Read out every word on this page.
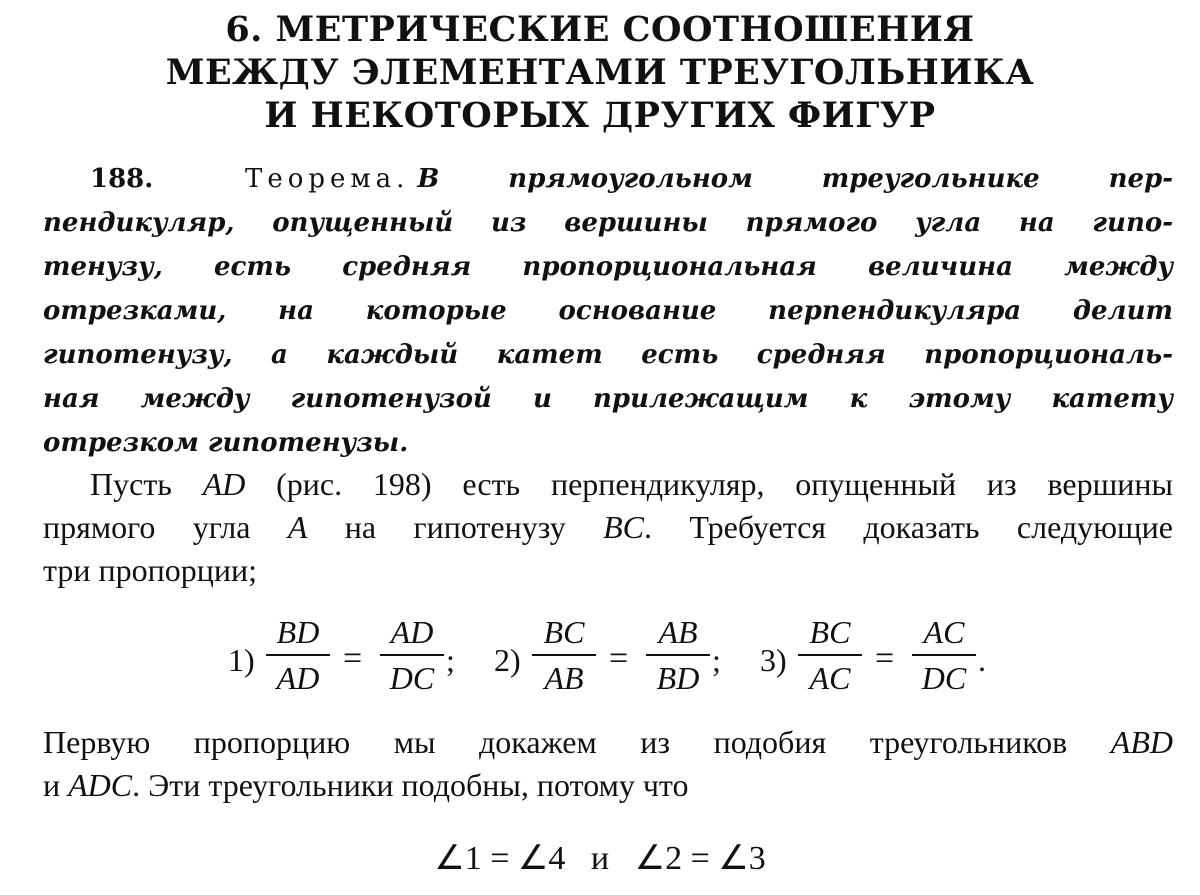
6. МЕТРИЧЕСКИЕ СООТНОШЕНИЯ
МЕЖДУ ЭЛЕМЕНТАМИ ТРЕУГОЛЬНИКА
И НЕКОТОРЫХ ДРУГИХ ФИГУР
188.	Теорема. В прямоугольном треугольнике пер-
пендикуляр, опущенный из вершины прямого угла на гипо-
тенузу, есть средняя пропорциональная величина между
отрезками, на которые основание перпендикуляра делит
гипотенузу, а каждый катет есть средняя пропорциональ-
ная между гипотенузой и прилежащим к этому катету
отрезком гипотенузы.
Пусть AD (рис. 198) есть перпендикуляр, опущенный из вершины
прямого угла A на гипотенузу BC. Требуется доказать следующие
три пропорции;
1)
BD
AD
=
AD
DC ; 2)
BC
AB
=
AB
BD ; 3)
BC
AC
=
AC
DC .
Первую пропорцию мы докажем из подобия треугольников ABD
и ADC. Эти треугольники подобны, потому что
∠1 = ∠4   и   ∠2 = ∠3
